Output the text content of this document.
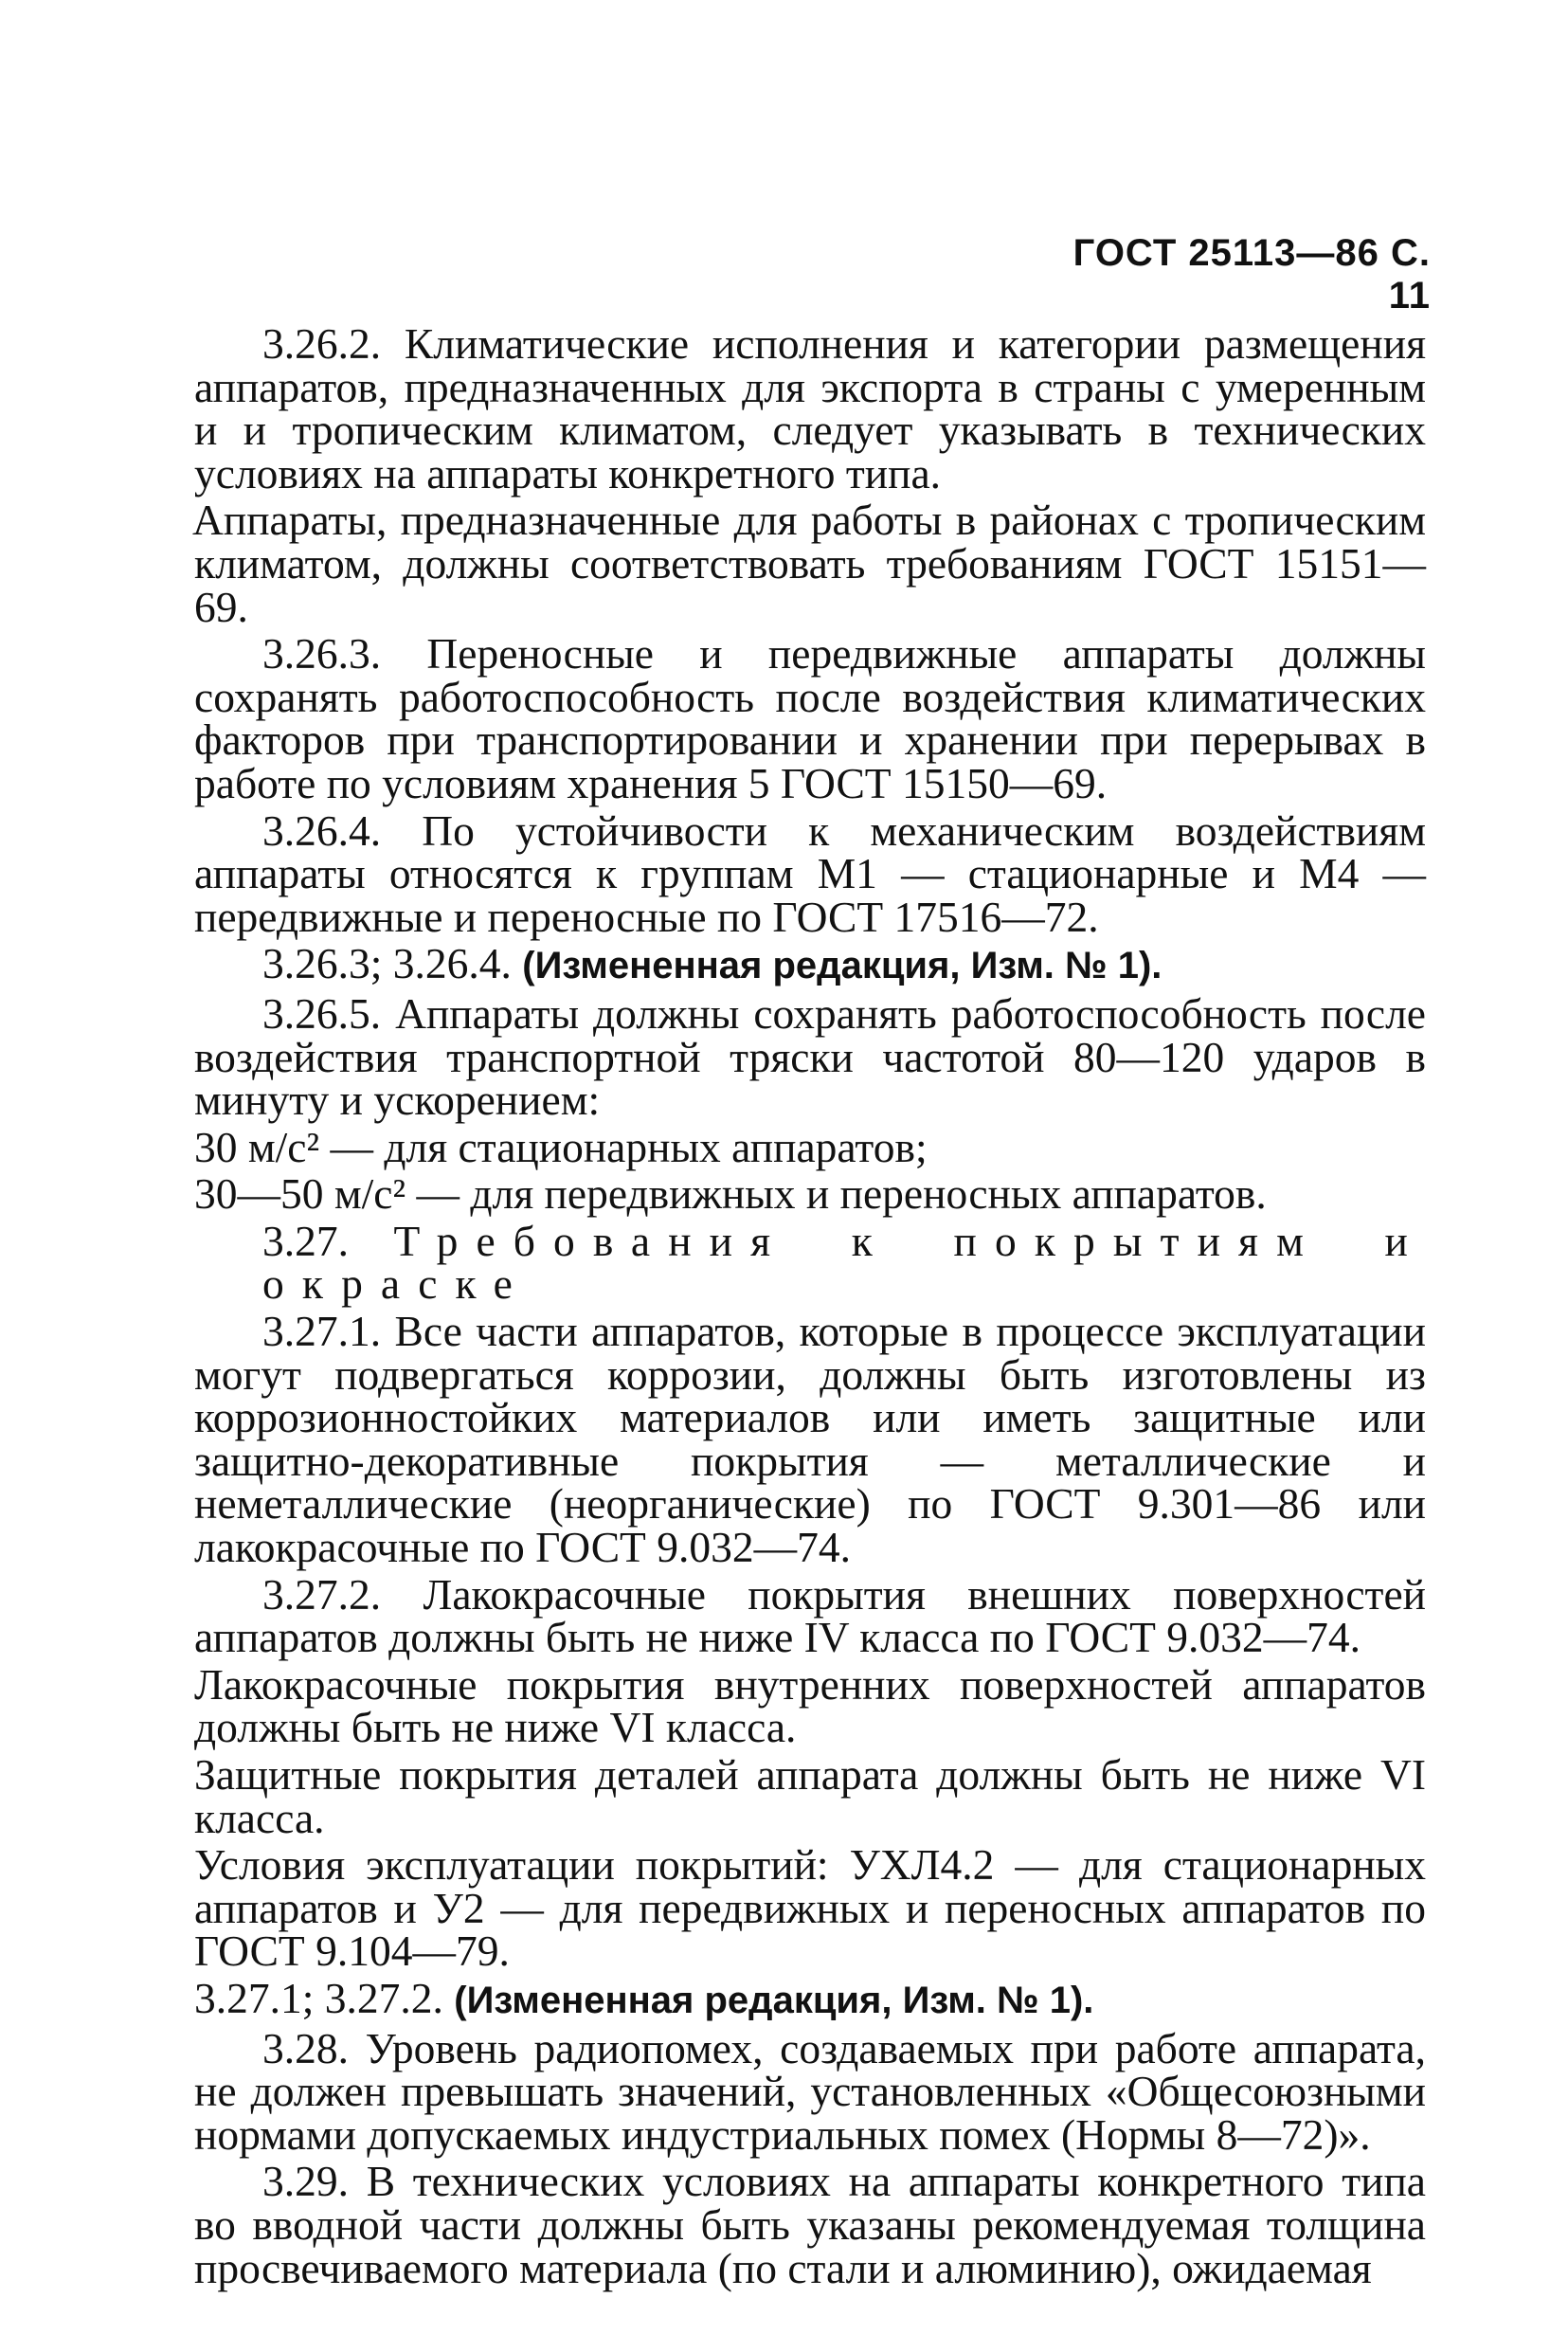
ГОСТ 25113—86 С. 11

3.26.2. Климатические исполнения и категории размещения аппаратов, предназначенных для экспорта в страны с умеренным и и тропическим климатом, следует указывать в технических условиях на аппараты конкретного типа.

Аппараты, предназначенные для работы в районах с тропическим климатом, должны соответствовать требованиям ГОСТ 15151—69.

3.26.3. Переносные и передвижные аппараты должны сохранять работоспособность после воздействия климатических факторов при транспортировании и хранении при перерывах в работе по условиям хранения 5 ГОСТ 15150—69.

3.26.4. По устойчивости к механическим воздействиям аппараты относятся к группам М1 — стационарные и М4 — передвижные и переносные по ГОСТ 17516—72.

3.26.3; 3.26.4. (Измененная редакция, Изм. № 1).

3.26.5. Аппараты должны сохранять работоспособность после воздействия транспортной тряски частотой 80—120 ударов в минуту и ускорением:

30 м/с² — для стационарных аппаратов;

30—50 м/с² — для передвижных и переносных аппаратов.

3.27. Требования к покрытиям и окраске

3.27.1. Все части аппаратов, которые в процессе эксплуатации могут подвергаться коррозии, должны быть изготовлены из коррозионностойких материалов или иметь защитные или защитно-декоративные покрытия — металлические и неметаллические (неорганические) по ГОСТ 9.301—86 или лакокрасочные по ГОСТ 9.032—74.

3.27.2. Лакокрасочные покрытия внешних поверхностей аппаратов должны быть не ниже IV класса по ГОСТ 9.032—74.

Лакокрасочные покрытия внутренних поверхностей аппаратов должны быть не ниже VI класса.

Защитные покрытия деталей аппарата должны быть не ниже VI класса.

Условия эксплуатации покрытий: УХЛ4.2 — для стационарных аппаратов и У2 — для передвижных и переносных аппаратов по ГОСТ 9.104—79.

3.27.1; 3.27.2. (Измененная редакция, Изм. № 1).

3.28. Уровень радиопомех, создаваемых при работе аппарата, не должен превышать значений, установленных «Общесоюзными нормами допускаемых индустриальных помех (Нормы 8—72)».

3.29. В технических условиях на аппараты конкретного типа во вводной части должны быть указаны рекомендуемая толщина просвечиваемого материала (по стали и алюминию), ожидаемая
